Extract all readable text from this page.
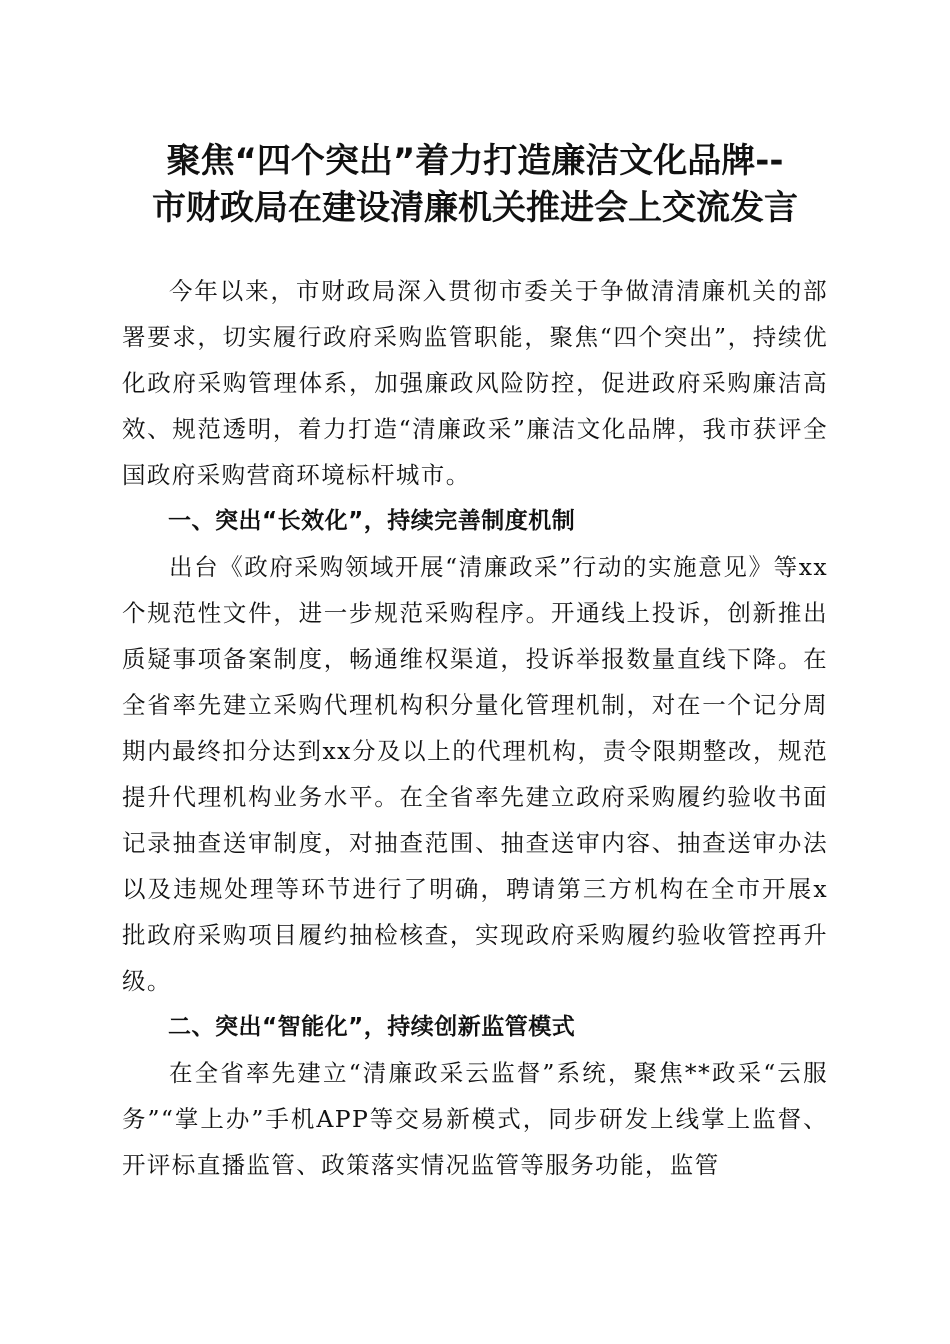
聚焦“四个突出”着力打造廉洁文化品牌--
市财政局在建设清廉机关推进会上交流发言

今年以来，市财政局深入贯彻市委关于争做清清廉机关的部署要求，切实履行政府采购监管职能，聚焦“四个突出”，持续优化政府采购管理体系，加强廉政风险防控，促进政府采购廉洁高效、规范透明，着力打造“清廉政采”廉洁文化品牌，我市获评全国政府采购营商环境标杆城市。

一、突出“长效化”，持续完善制度机制

出台《政府采购领域开展“清廉政采”行动的实施意见》等xx个规范性文件，进一步规范采购程序。开通线上投诉，创新推出质疑事项备案制度，畅通维权渠道，投诉举报数量直线下降。在全省率先建立采购代理机构积分量化管理机制，对在一个记分周期内最终扣分达到xx分及以上的代理机构，责令限期整改，规范提升代理机构业务水平。在全省率先建立政府采购履约验收书面记录抽查送审制度，对抽查范围、抽查送审内容、抽查送审办法以及违规处理等环节进行了明确，聘请第三方机构在全市开展x批政府采购项目履约抽检核查，实现政府采购履约验收管控再升级。

二、突出“智能化”，持续创新监管模式

在全省率先建立“清廉政采云监督”系统，聚焦**政采“云服务”“掌上办”手机APP等交易新模式，同步研发上线掌上监督、开评标直播监管、政策落实情况监管等服务功能，监管
